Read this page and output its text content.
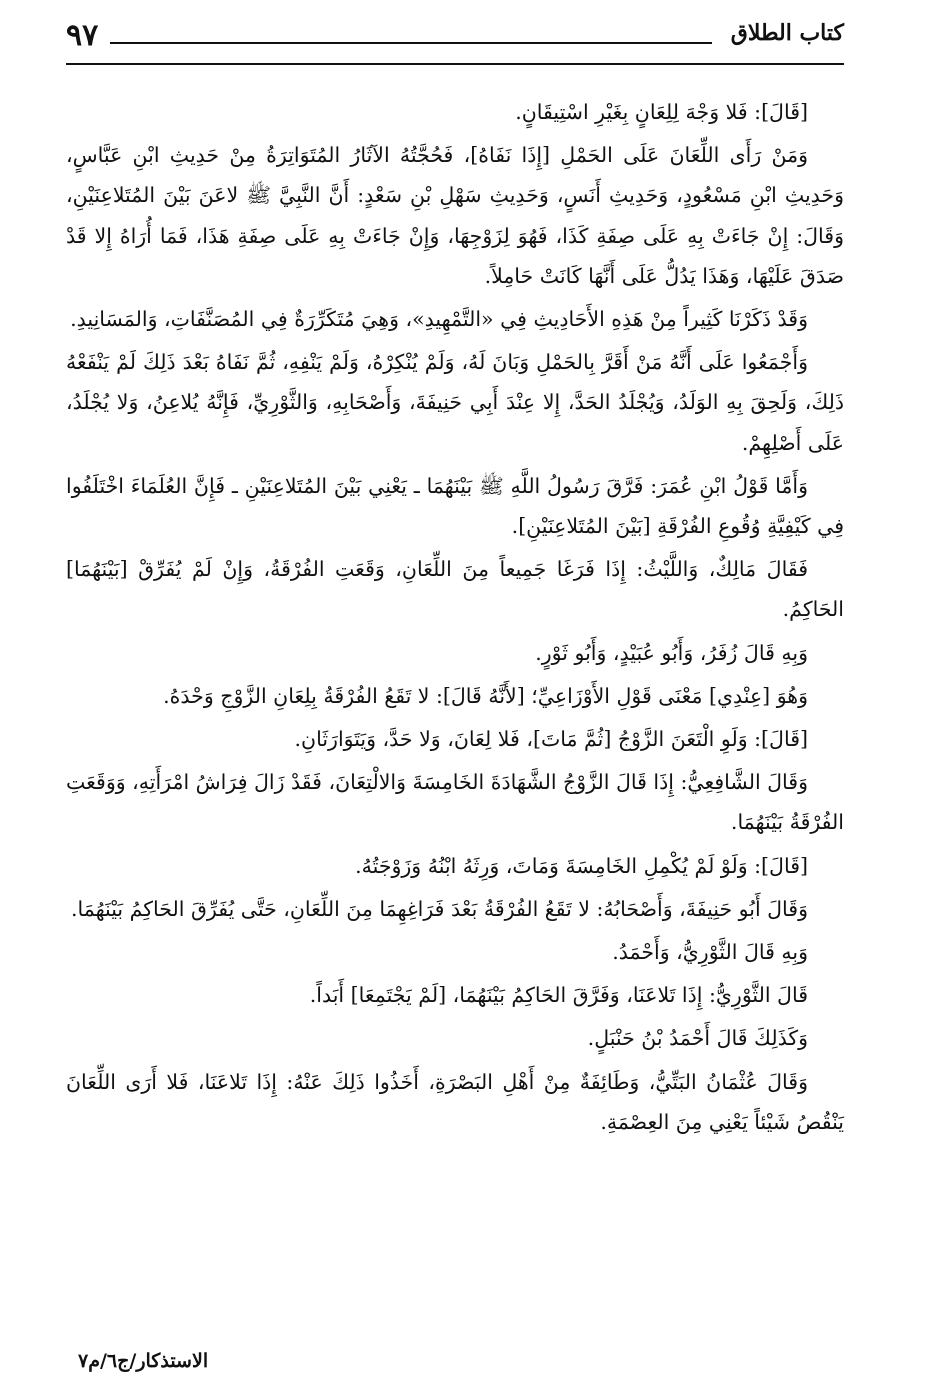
كتاب الطلاق
٩٧

[قَالَ]: فَلا وَجْهَ لِلِعَانٍ بِغَيْرِ اسْتِيقَانٍ.

وَمَنْ رَأَى اللِّعَانَ عَلَى الحَمْلِ [إِذَا نَفَاهُ]، فَحُجَّتُهُ الآثَارُ المُتَوَاتِرَةُ مِنْ حَدِيثِ ابْنِ عَبَّاسٍ، وَحَدِيثِ ابْنِ مَسْعُودٍ، وَحَدِيثِ أَنَسٍ، وَحَدِيثِ سَهْلِ بْنِ سَعْدٍ: أَنَّ النَّبِيَّ ﷺ لاعَنَ بَيْنَ المُتَلاعِنَيْنِ، وَقَالَ: إِنْ جَاءَتْ بِهِ عَلَى صِفَةِ كَذَا، فَهُوَ لِزَوْجِهَا، وَإِنْ جَاءَتْ بِهِ عَلَى صِفَةِ هَذَا، فَمَا أُرَاهُ إِلا قَدْ صَدَقَ عَلَيْهَا، وَهَذَا يَدُلُّ عَلَى أَنَّهَا كَانَتْ حَامِلاً.

وَقَدْ ذَكَرْنَا كَثِيراً مِنْ هَذِهِ الأَحَادِيثِ فِي «التَّمْهِيدِ»، وَهِيَ مُتَكَرِّرَةٌ فِي المُصَنَّفَاتِ، وَالمَسَانِيدِ.

وَأَجْمَعُوا عَلَى أَنَّهُ مَنْ أَقَرَّ بِالحَمْلِ وَبَانَ لَهُ، وَلَمْ يُنْكِرْهُ، وَلَمْ يَنْفِهِ، ثُمَّ نَفَاهُ بَعْدَ ذَلِكَ لَمْ يَنْفَعْهُ ذَلِكَ، وَلَحِقَ بِهِ الوَلَدُ، وَيُجْلَدُ الحَدَّ، إِلا عِنْدَ أَبِي حَنِيفَةَ، وَأَصْحَابِهِ، وَالثَّوْرِيِّ، فَإِنَّهُ يُلاعِنُ، وَلا يُجْلَدُ، عَلَى أَصْلِهِمْ.

وَأَمَّا قَوْلُ ابْنِ عُمَرَ: فَرَّقَ رَسُولُ اللَّهِ ﷺ بَيْنَهُمَا ـ يَعْنِي بَيْنَ المُتَلاعِنَيْنِ ـ فَإِنَّ العُلَمَاءَ اخْتَلَفُوا فِي كَيْفِيَّةِ وُقُوعِ الفُرْقَةِ [بَيْنَ المُتَلاعِنَيْنِ].

فَقَالَ مَالِكٌ، وَاللَّيْثُ: إِذَا فَرَغَا جَمِيعاً مِنَ اللِّعَانِ، وَقَعَتِ الفُرْقَةُ، وَإِنْ لَمْ يُفَرِّقْ [بَيْنَهُمَا] الحَاكِمُ.

وَبِهِ قَالَ زُفَرُ، وَأَبُو عُبَيْدٍ، وَأَبُو ثَوْرٍ.

وَهُوَ [عِنْدِي] مَعْنَى قَوْلِ الأَوْزَاعِيِّ؛ [لأَنَّهُ قَالَ]: لا تَقَعُ الفُرْقَةُ بِلِعَانِ الزَّوْجِ وَحْدَهُ.

[قَالَ]: وَلَوِ الْتَعَنَ الزَّوْجُ [ثُمَّ مَاتَ]، فَلا لِعَانَ، وَلا حَدَّ، وَيَتَوَارَثَانِ.

وَقَالَ الشَّافِعِيُّ: إِذَا قَالَ الزَّوْجُ الشَّهَادَةَ الخَامِسَةَ وَالالْتِعَانَ، فَقَدْ زَالَ فِرَاشُ امْرَأَتِهِ، وَوَقَعَتِ الفُرْقَةُ بَيْنَهُمَا.

[قَالَ]: وَلَوْ لَمْ يُكْمِلِ الخَامِسَةَ وَمَاتَ، وَرِثَهُ ابْنُهُ وَزَوْجَتُهُ.

وَقَالَ أَبُو حَنِيفَةَ، وَأَصْحَابُهُ: لا تَقَعُ الفُرْقَةُ بَعْدَ فَرَاغِهِمَا مِنَ اللِّعَانِ، حَتَّى يُفَرِّقَ الحَاكِمُ بَيْنَهُمَا.

وَبِهِ قَالَ الثَّوْرِيُّ، وَأَحْمَدُ.

قَالَ الثَّوْرِيُّ: إِذَا تَلاعَنَا، وَفَرَّقَ الحَاكِمُ بَيْنَهُمَا، [لَمْ يَجْتَمِعَا] أَبَداً.

وَكَذَلِكَ قَالَ أَحْمَدُ بْنُ حَنْبَلٍ.

وَقَالَ عُثْمَانُ البَتِّيُّ، وَطَائِفَةٌ مِنْ أَهْلِ البَصْرَةِ، أَخَذُوا ذَلِكَ عَنْهُ: إِذَا تَلاعَنَا، فَلا أَرَى اللِّعَانَ يَنْقُصُ شَيْئاً يَعْنِي مِنَ العِصْمَةِ.

الاستذكار/ج٦/م٧
